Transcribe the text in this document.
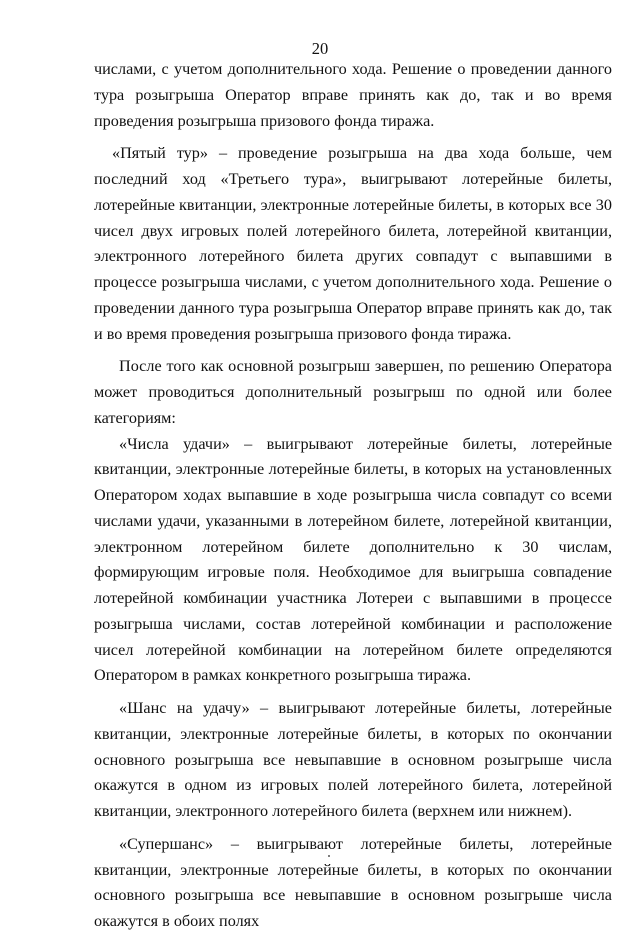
20

числами, с учетом дополнительного хода. Решение о проведении данного тура розыгрыша Оператор вправе принять как до, так и во время проведения розыгрыша призового фонда тиража.

«Пятый тур» – проведение розыгрыша на два хода больше, чем последний ход «Третьего тура», выигрывают лотерейные билеты, лотерейные квитанции, электронные лотерейные билеты, в которых все 30 чисел двух игровых полей лотерейного билета, лотерейной квитанции, электронного лотерейного билета других совпадут с выпавшими в процессе розыгрыша числами, с учетом дополнительного хода. Решение о проведении данного тура розыгрыша Оператор вправе принять как до, так и во время проведения розыгрыша призового фонда тиража.

После того как основной розыгрыш завершен, по решению Оператора может проводиться дополнительный розыгрыш по одной или более категориям:

«Числа удачи» – выигрывают лотерейные билеты, лотерейные квитанции, электронные лотерейные билеты, в которых на установленных Оператором ходах выпавшие в ходе розыгрыша числа совпадут со всеми числами удачи, указанными в лотерейном билете, лотерейной квитанции, электронном лотерейном билете дополнительно к 30 числам, формирующим игровые поля. Необходимое для выигрыша совпадение лотерейной комбинации участника Лотереи с выпавшими в процессе розыгрыша числами, состав лотерейной комбинации и расположение чисел лотерейной комбинации на лотерейном билете определяются Оператором в рамках конкретного розыгрыша тиража.

«Шанс на удачу» – выигрывают лотерейные билеты, лотерейные квитанции, электронные лотерейные билеты, в которых по окончании основного розыгрыша все невыпавшие в основном розыгрыше числа окажутся в одном из игровых полей лотерейного билета, лотерейной квитанции, электронного лотерейного билета (верхнем или нижнем).

«Супершанс» – выигрывают лотерейные билеты, лотерейные квитанции, электронные лотерейные билеты, в которых по окончании основного розыгрыша все невыпавшие в основном розыгрыше числа окажутся в обоих полях
